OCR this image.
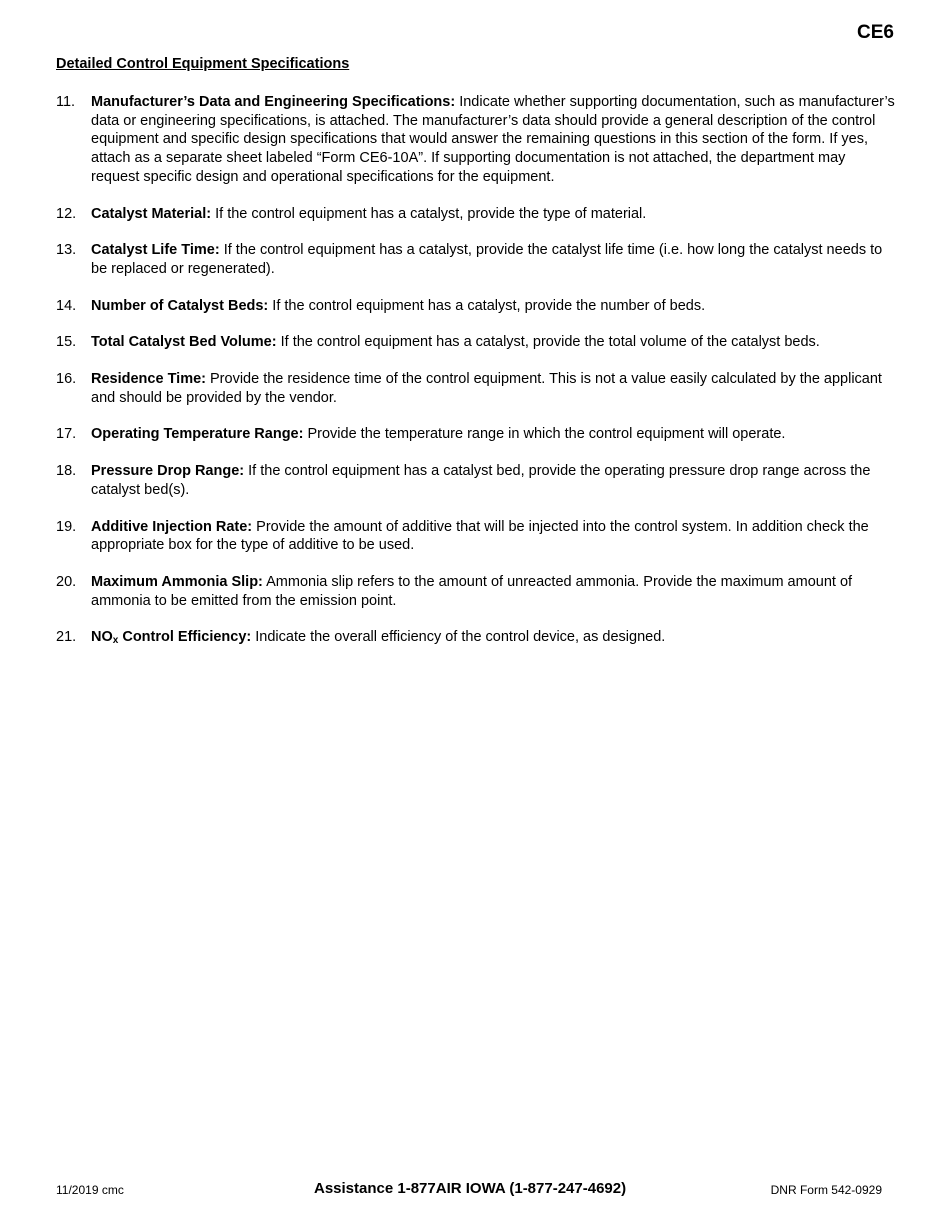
CE6
Detailed Control Equipment Specifications
11.	Manufacturer’s Data and Engineering Specifications: Indicate whether supporting documentation, such as manufacturer’s data or engineering specifications, is attached. The manufacturer’s data should provide a general description of the control equipment and specific design specifications that would answer the remaining questions in this section of the form. If yes, attach as a separate sheet labeled “Form CE6-10A”. If supporting documentation is not attached, the department may request specific design and operational specifications for the equipment.
12.	Catalyst Material: If the control equipment has a catalyst, provide the type of material.
13.	Catalyst Life Time: If the control equipment has a catalyst, provide the catalyst life time (i.e. how long the catalyst needs to be replaced or regenerated).
14.	Number of Catalyst Beds: If the control equipment has a catalyst, provide the number of beds.
15.	Total Catalyst Bed Volume: If the control equipment has a catalyst, provide the total volume of the catalyst beds.
16.	Residence Time: Provide the residence time of the control equipment. This is not a value easily calculated by the applicant and should be provided by the vendor.
17.	Operating Temperature Range: Provide the temperature range in which the control equipment will operate.
18.	Pressure Drop Range: If the control equipment has a catalyst bed, provide the operating pressure drop range across the catalyst bed(s).
19.	Additive Injection Rate: Provide the amount of additive that will be injected into the control system. In addition check the appropriate box for the type of additive to be used.
20.	Maximum Ammonia Slip: Ammonia slip refers to the amount of unreacted ammonia. Provide the maximum amount of ammonia to be emitted from the emission point.
21.	$NO_x$ Control Efficiency: Indicate the overall efficiency of the control device, as designed.
11/2019 cmc	Assistance 1-877AIR IOWA (1-877-247-4692)	DNR Form 542-0929
